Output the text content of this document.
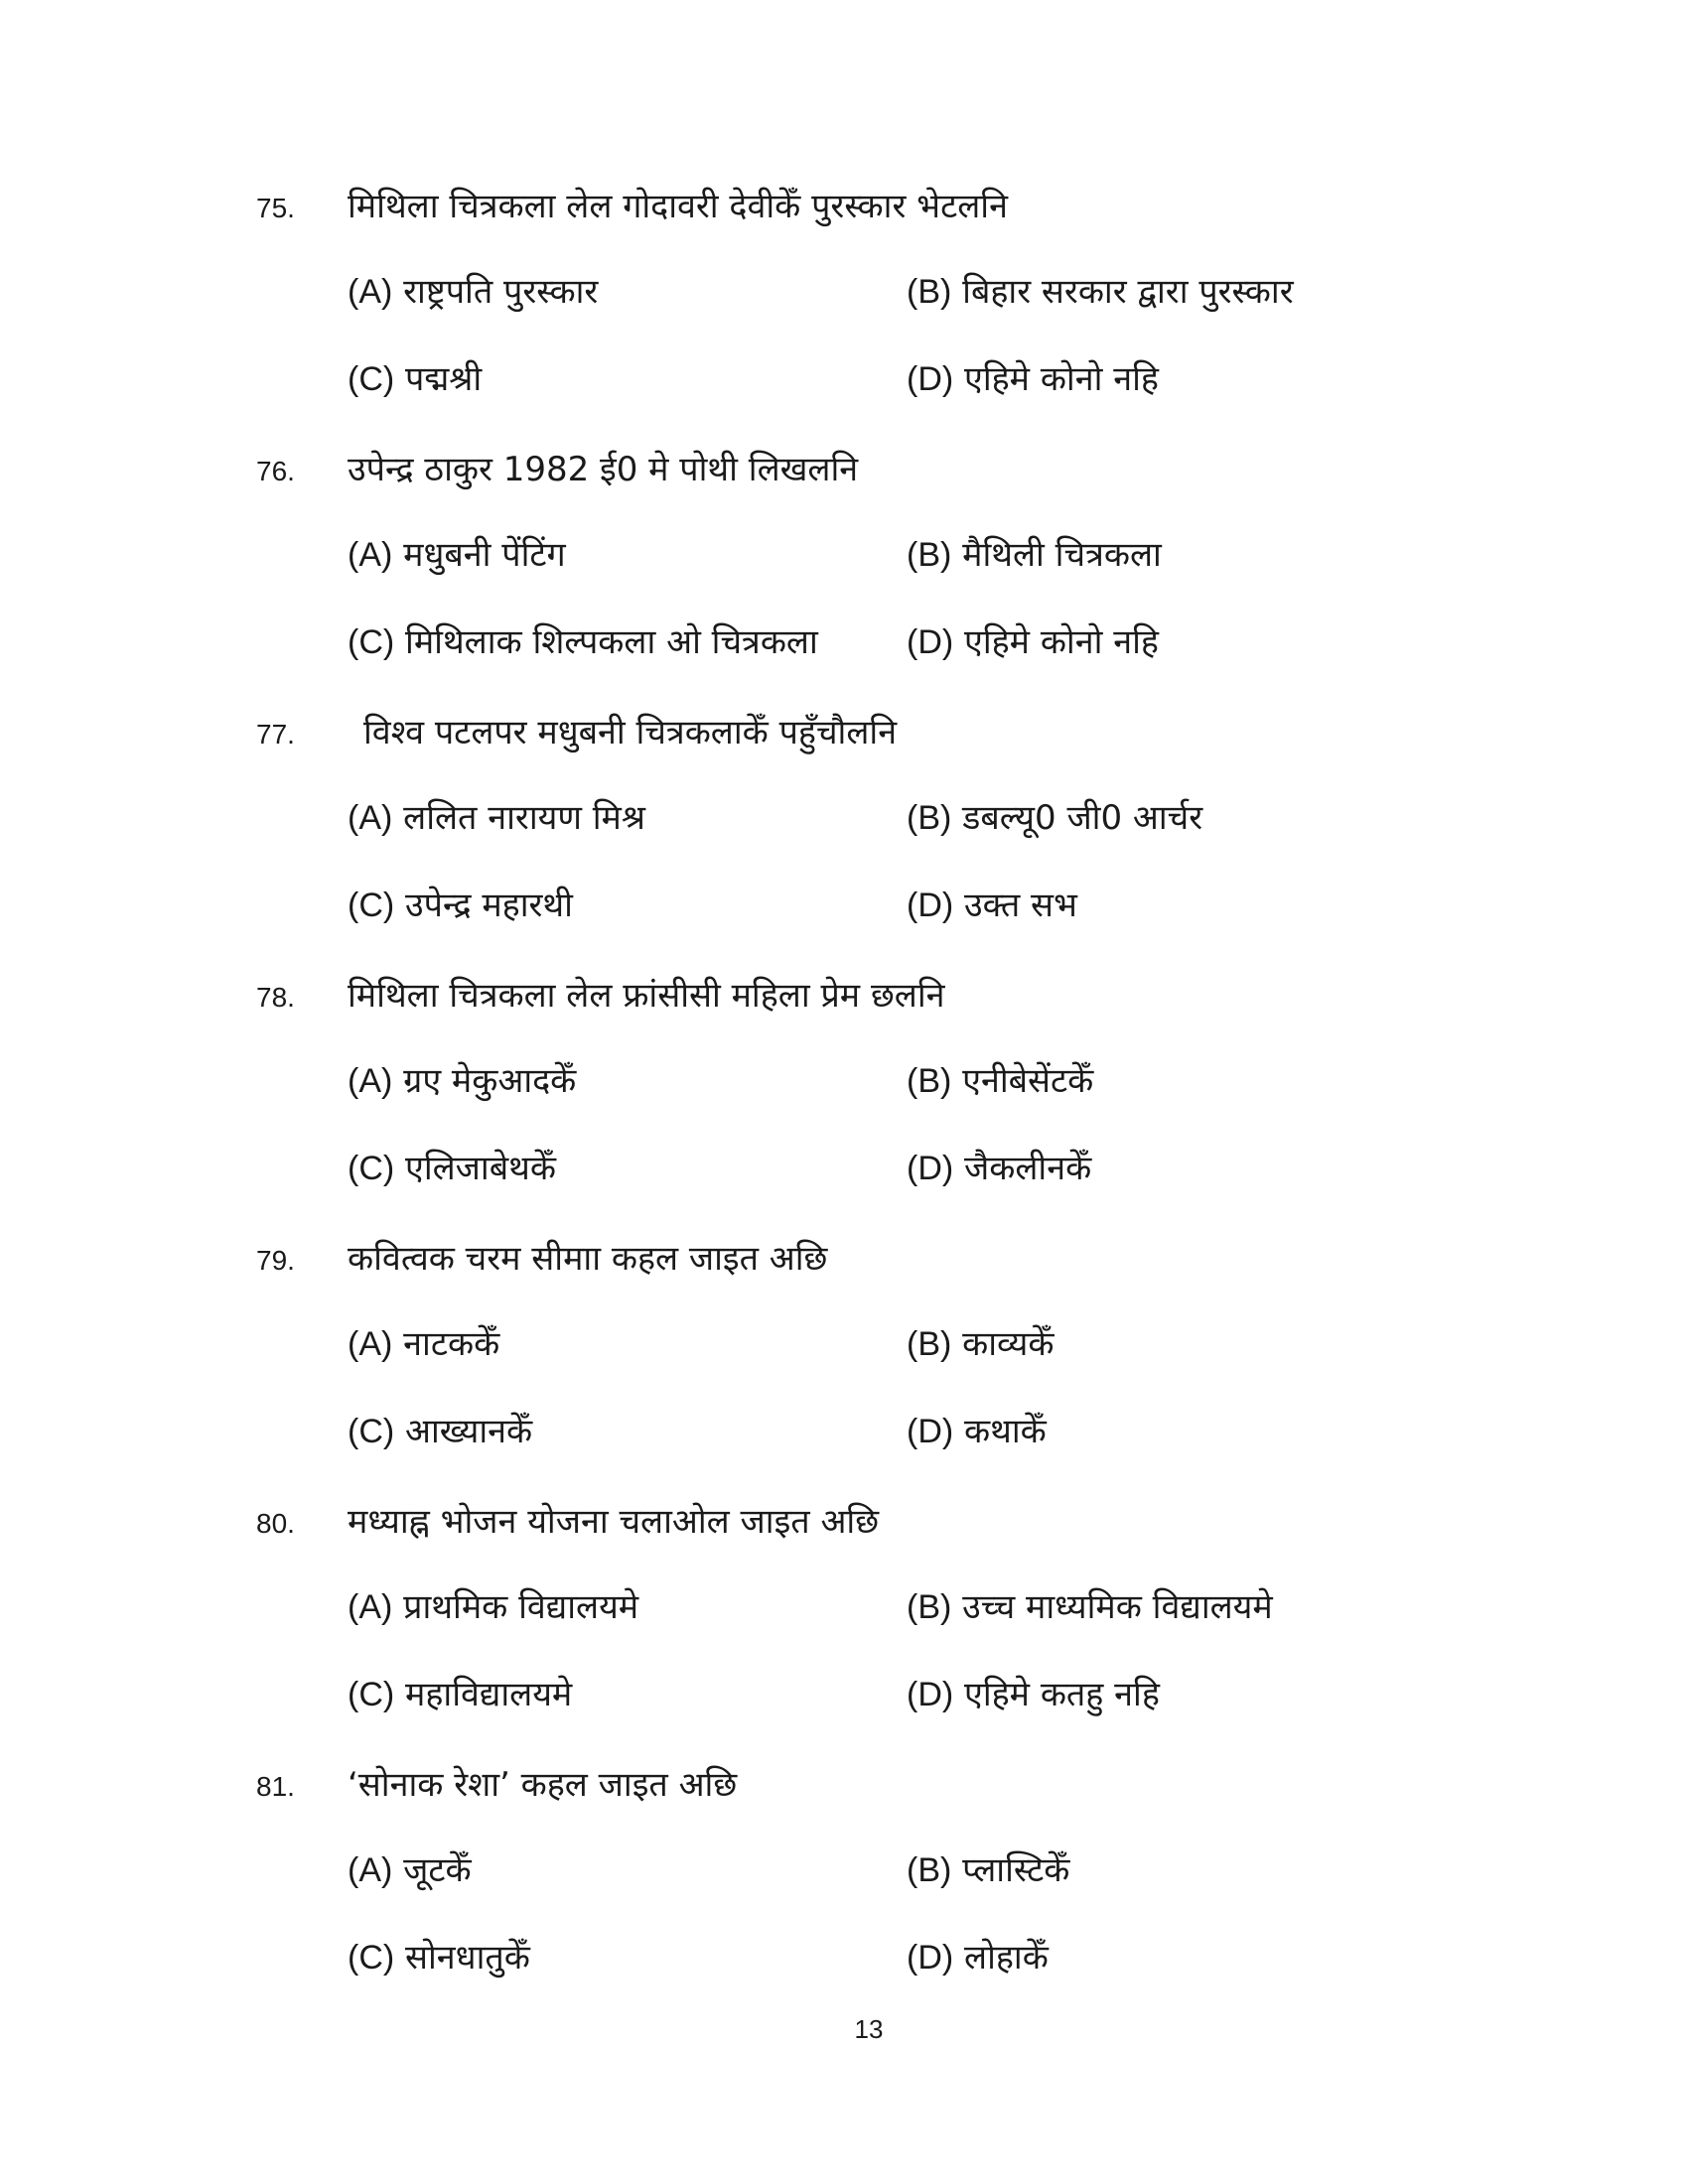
75. मिथिला चित्रकला लेल गोदावरी देवीकेँ पुरस्कार भेटलनि
(A) राष्ट्रपति पुरस्कार	(B) बिहार सरकार द्वारा पुरस्कार
(C) पद्मश्री	(D) एहिमे कोनो नहि
76. उपेन्द्र ठाकुर 1982 ई0 मे पोथी लिखलनि
(A) मधुबनी पेंटिंग	(B) मैथिली चित्रकला
(C) मिथिलाक शिल्पकला ओ चित्रकला	(D) एहिमे कोनो नहि
77. विश्व पटलपर मधुबनी चित्रकलाकेँ पहुँचौलनि
(A) ललित नारायण मिश्र	(B) डबल्यू0 जी0 आर्चर
(C) उपेन्द्र महारथी	(D) उक्त सभ
78. मिथिला चित्रकला लेल फ्रांसीसी महिला प्रेम छलनि
(A) ग्रए मेकुआदकेँ	(B) एनीबेसेंटकेँ
(C) एलिजाबेथकेँ	(D) जैकलीनकेँ
79. कवित्वक चरम सीमाा कहल जाइत अछि
(A) नाटककेँ	(B) काव्यकेँ
(C) आख्यानकेँ	(D) कथाकेँ
80. मध्याह्न भोजन योजना चलाओल जाइत अछि
(A) प्राथमिक विद्यालयमे	(B) उच्च माध्यमिक विद्यालयमे
(C) महाविद्यालयमे	(D) एहिमे कतहु नहि
81. ‘सोनाक रेशा’ कहल जाइत अछि
(A) जूटकेँ	(B) प्लास्टिकेँ
(C) सोनधातुकेँ	(D) लोहाकेँ
13
